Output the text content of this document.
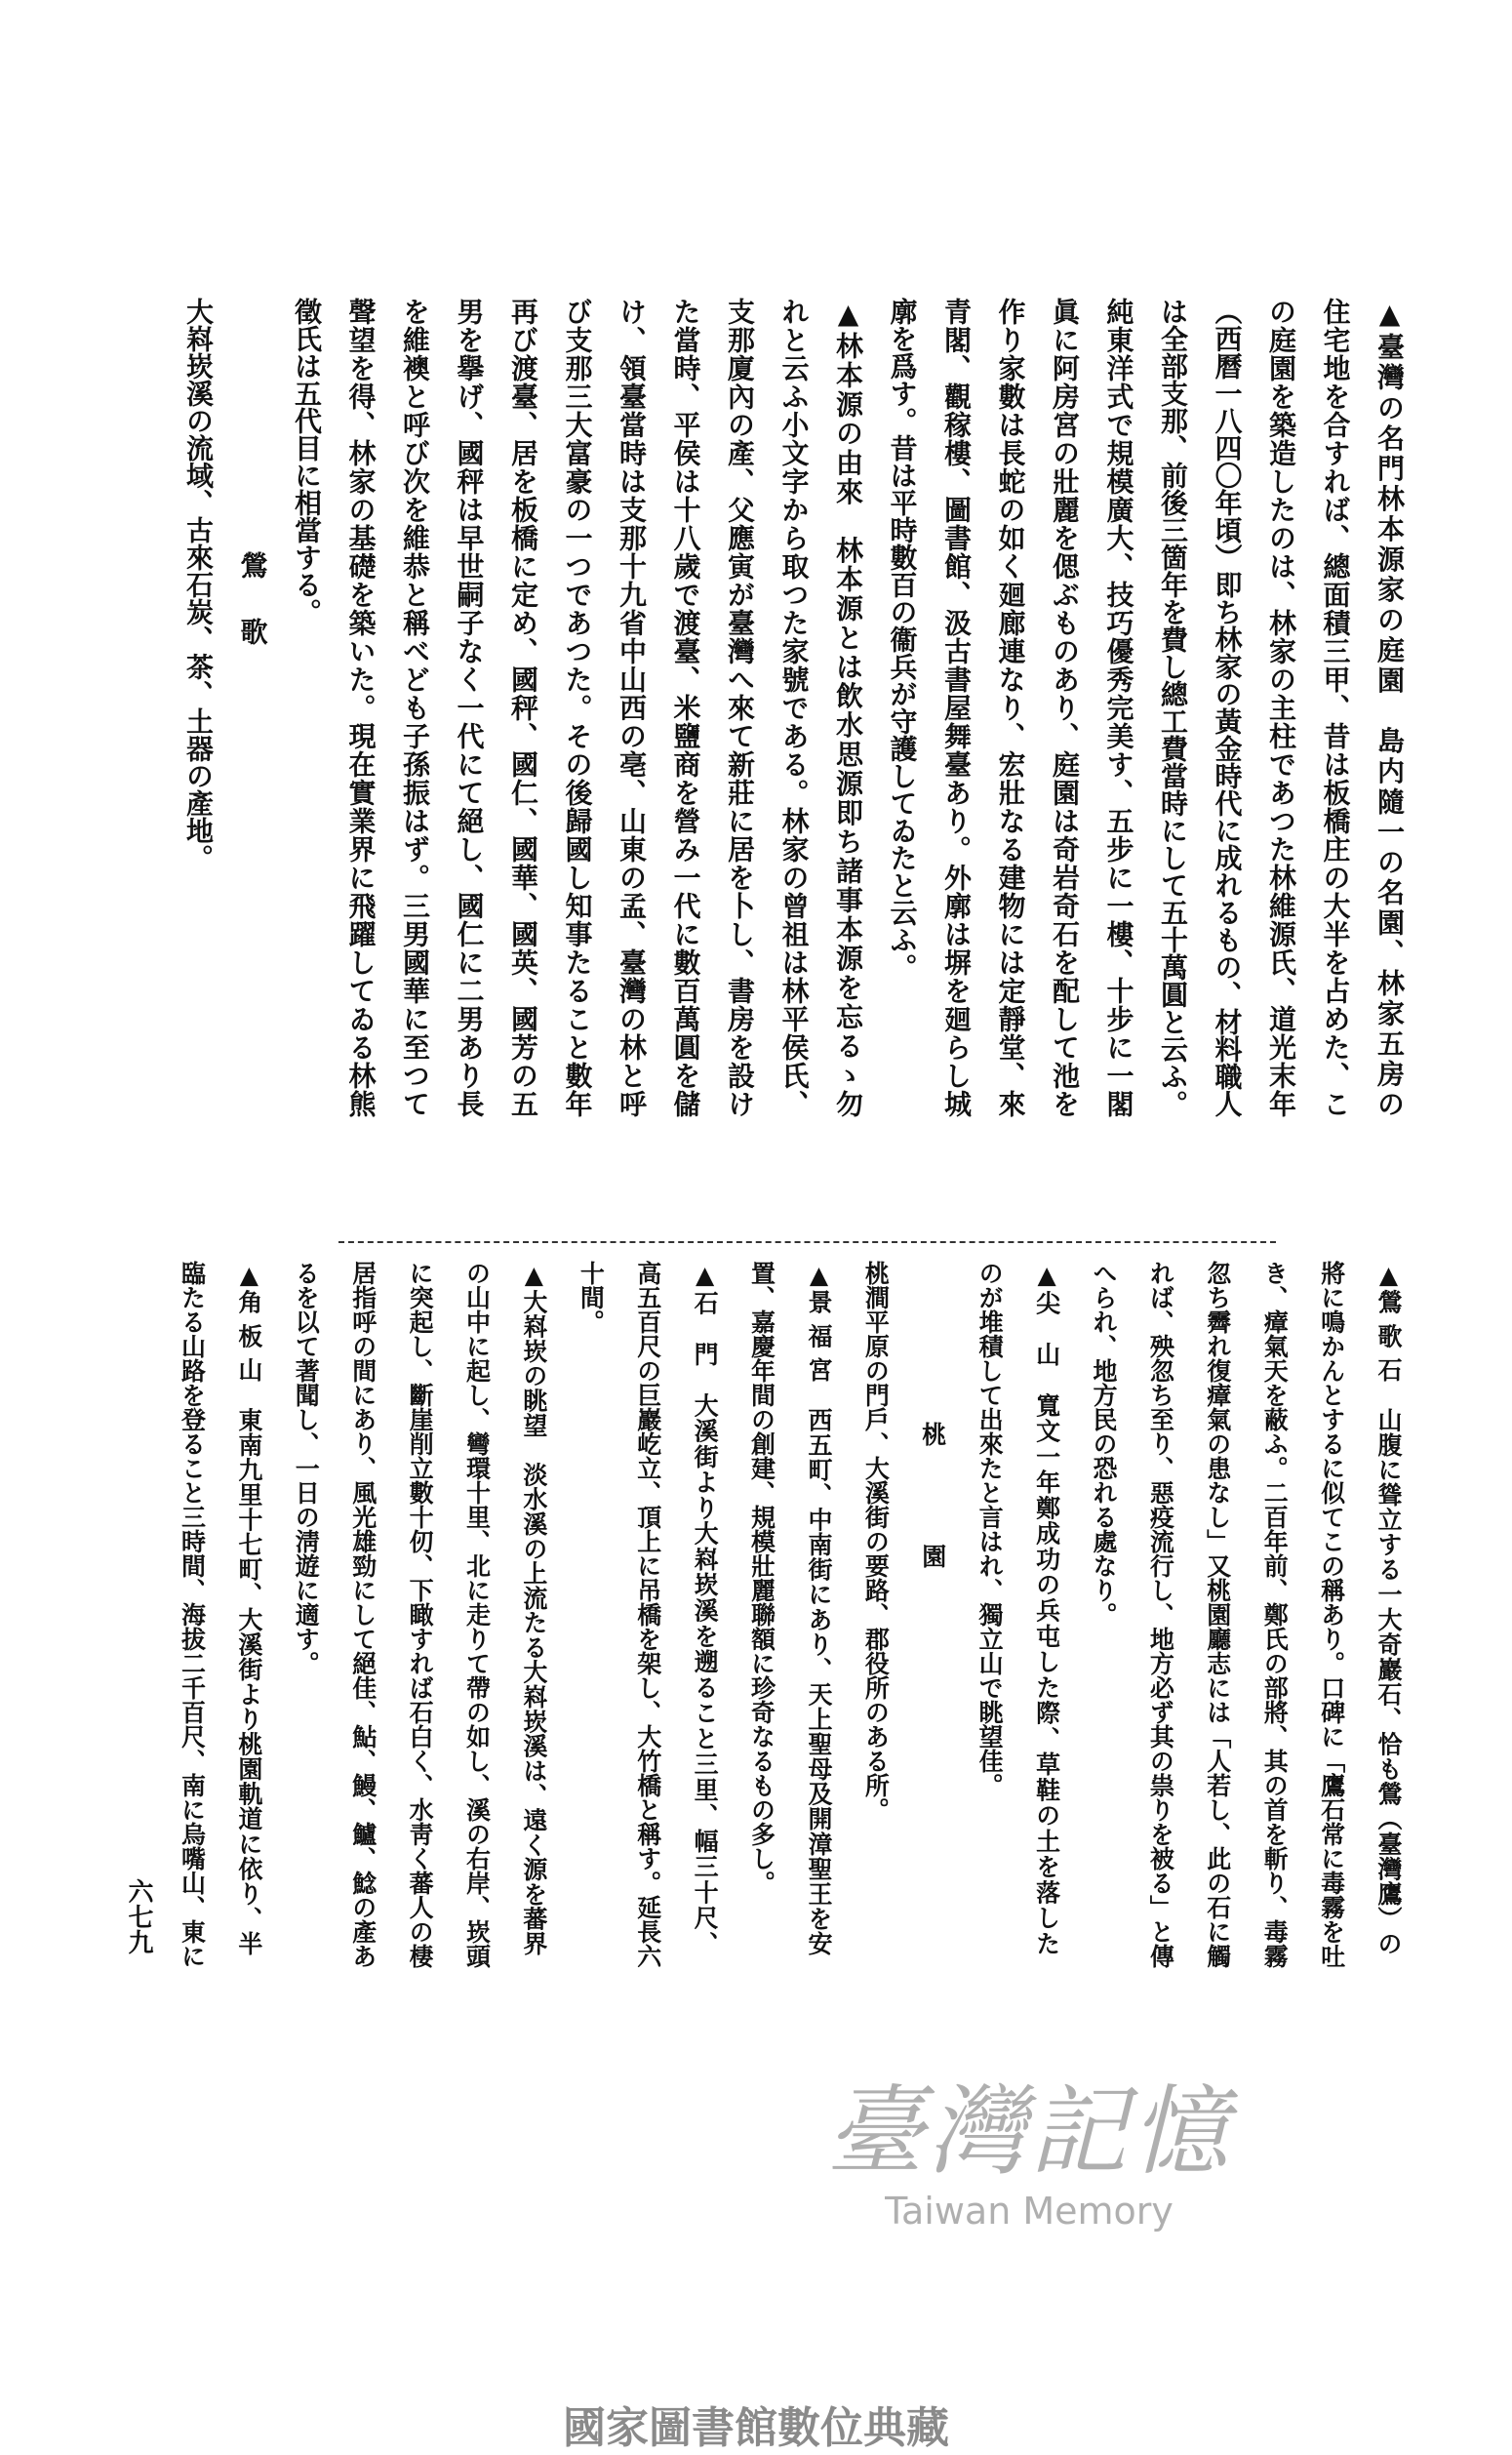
▲臺灣の名門林本源家の庭園　島内隨一の名園、林家五房の
住宅地を合すれば、總面積三甲、昔は板橋庄の大半を占めた、こ
の庭園を築造したのは、林家の主柱であつた林維源氏、道光末年
（西曆一八四〇年頃）即ち林家の黃金時代に成れるもの、材料職人
は全部支那、前後三箇年を費し總工費當時にして五十萬圓と云ふ。
純東洋式で規模廣大、技巧優秀完美す、五步に一樓、十步に一閣
眞に阿房宮の壯麗を偲ぶものあり、庭園は奇岩奇石を配して池を
作り家數は長蛇の如く廻廊連なり、宏壯なる建物には定靜堂、來
青閣、觀稼樓、圖書館、汲古書屋舞臺あり。外廓は塀を廻らし城
廓を爲す。昔は平時數百の衞兵が守護してゐたと云ふ。
▲林本源の由來　林本源とは飲水思源即ち諸事本源を忘るゝ勿
れと云ふ小文字から取つた家號である。林家の曾祖は林平侯氏、
支那廈內の產、父應寅が臺灣へ來て新莊に居を卜し、書房を設け
た當時、平侯は十八歲で渡臺、米鹽商を營み一代に數百萬圓を儲
け、領臺當時は支那十九省中山西の亳、山東の孟、臺灣の林と呼
び支那三大富豪の一つであつた。その後歸國し知事たること數年
再び渡臺、居を板橋に定め、國秤、國仁、國華、國英、國芳の五
男を擧げ、國秤は早世嗣子なく一代にて絕し、國仁に二男あり長
を維襖と呼び次を維恭と稱べども子孫振はず。三男國華に至つて
聲望を得、林家の基礎を築いた。現在實業界に飛躍してゐる林熊
徵氏は五代目に相當する。
鶯歌
大嵙崁溪の流域、古來石炭、茶、土器の產地。
▲鶯 歌 石　山腹に聳立する一大奇巖石、恰も鶯（臺灣鷹）の
將に鳴かんとするに似てこの稱あり。口碑に「鷹石常に毒霧を吐
き、瘴氣天を蔽ふ。二百年前、鄭氏の部將、其の首を斬り、毒霧
忽ち霽れ復瘴氣の患なし」又桃園廳志には「人若し、此の石に觸
れば、殃忽ち至り、惡疫流行し、地方必ず其の祟りを被る」と傳
へられ、地方民の恐れる處なり。
▲尖　山　寬文一年鄭成功の兵屯した際、草鞋の土を落した
のが堆積して出來たと言はれ、獨立山で眺望佳。
桃園
桃澗平原の門戶、大溪街の要路、郡役所のある所。
▲景 福 宮　西五町、中南街にあり、天上聖母及開漳聖王を安
置、嘉慶年間の創建、規模壯麗聯額に珍奇なるもの多し。
▲石　門　大溪街より大嵙崁溪を遡ること三里、幅三十尺、
高五百尺の巨巖屹立、頂上に吊橋を架し、大竹橋と稱す。延長六
十間。
▲大嵙崁の眺望　淡水溪の上流たる大嵙崁溪は、遠く源を蕃界
の山中に起し、彎環十里、北に走りて帶の如し、溪の右岸、崁頭
に突起し、斷崖削立數十仞、下瞰すれば石白く、水靑く蕃人の棲
居指呼の間にあり、風光雄勁にして絕佳、鮎、鰻、鱸、鯰の產あ
るを以て著聞し、一日の淸遊に適す。
▲角 板 山　東南九里十七町、大溪街より桃園軌道に依り、半
臨たる山路を登ること三時間、海拔二千百尺、南に烏嘴山、東に
臺灣記憶
Taiwan Memory
六七九
國家圖書館數位典藏
